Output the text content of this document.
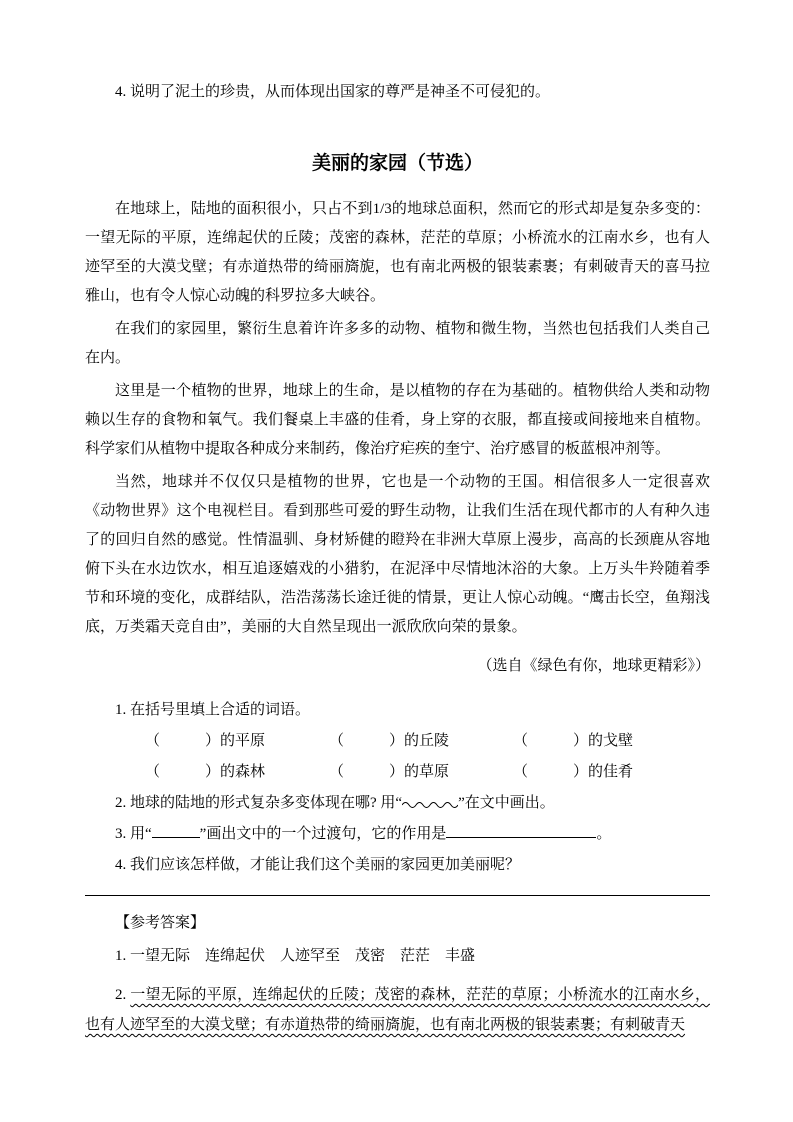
4. 说明了泥土的珍贵，从而体现出国家的尊严是神圣不可侵犯的。

美丽的家园（节选）

在地球上，陆地的面积很小，只占不到1/3的地球总面积，然而它的形式却是复杂多变的：一望无际的平原，连绵起伏的丘陵；茂密的森林，茫茫的草原；小桥流水的江南水乡，也有人迹罕至的大漠戈壁；有赤道热带的绮丽旖旎，也有南北两极的银装素裹；有刺破青天的喜马拉雅山，也有令人惊心动魄的科罗拉多大峡谷。

在我们的家园里，繁衍生息着许许多多的动物、植物和微生物，当然也包括我们人类自己在内。

这里是一个植物的世界，地球上的生命，是以植物的存在为基础的。植物供给人类和动物赖以生存的食物和氧气。我们餐桌上丰盛的佳肴，身上穿的衣服，都直接或间接地来自植物。科学家们从植物中提取各种成分来制药，像治疗疟疾的奎宁、治疗感冒的板蓝根冲剂等。

当然，地球并不仅仅只是植物的世界，它也是一个动物的王国。相信很多人一定很喜欢《动物世界》这个电视栏目。看到那些可爱的野生动物，让我们生活在现代都市的人有种久违了的回归自然的感觉。性情温驯、身材矫健的瞪羚在非洲大草原上漫步，高高的长颈鹿从容地俯下头在水边饮水，相互追逐嬉戏的小猎豹，在泥泽中尽情地沐浴的大象。上万头牛羚随着季节和环境的变化，成群结队，浩浩荡荡长途迁徙的情景，更让人惊心动魄。“鹰击长空，鱼翔浅底，万类霜天竞自由”，美丽的大自然呈现出一派欣欣向荣的景象。

（选自《绿色有你，地球更精彩》）

1. 在括号里填上合适的词语。

（　　　）的平原	（　　　）的丘陵	（　　　）的戈壁

（　　　）的森林	（　　　）的草原	（　　　）的佳肴

2. 地球的陆地的形式复杂多变体现在哪? 用“	”在文中画出。

3. 用“	”画出文中的一个过渡句，它的作用是	。

4. 我们应该怎样做，才能让我们这个美丽的家园更加美丽呢？

【参考答案】

1. 一望无际　连绵起伏　人迹罕至　茂密　茫茫　丰盛

2. 一望无际的平原，连绵起伏的丘陵；茂密的森林，茫茫的草原；小桥流水的江南水乡，也有人迹罕至的大漠戈壁；有赤道热带的绮丽旖旎，也有南北两极的银装素裹；有刺破青天
